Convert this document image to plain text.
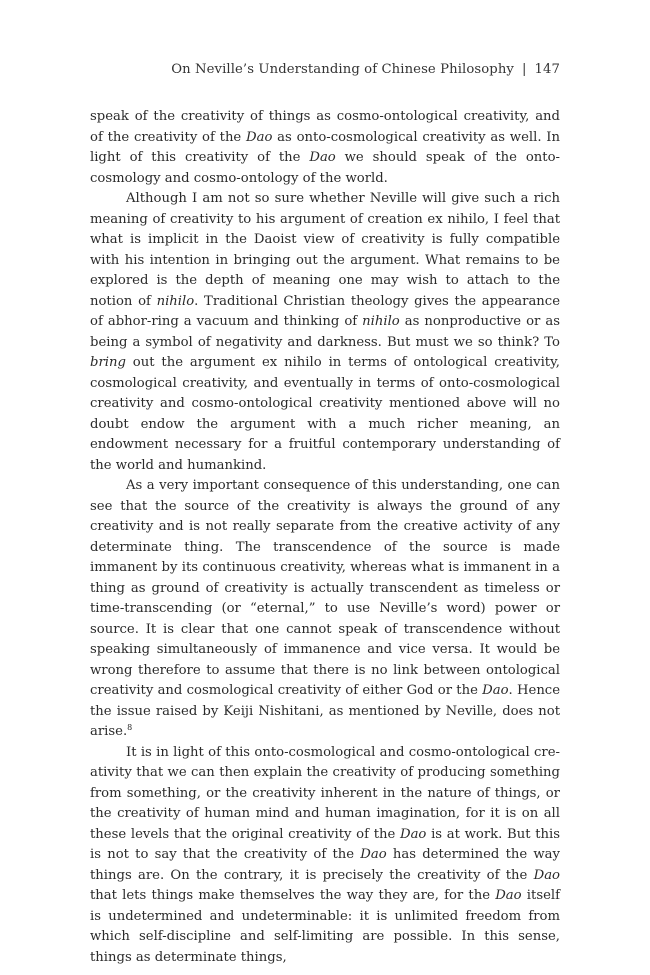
On Neville’s Understanding of Chinese Philosophy | 147

speak of the creativity of things as cosmo-ontological creativity, and of the creativity of the Dao as onto-cosmological creativity as well. In light of this creativity of the Dao we should speak of the onto-cosmology and cosmo-ontology of the world.

Although I am not so sure whether Neville will give such a rich meaning of creativity to his argument of creation ex nihilo, I feel that what is implicit in the Daoist view of creativity is fully compatible with his intention in bringing out the argument. What remains to be explored is the depth of meaning one may wish to attach to the notion of nihilo. Traditional Christian theology gives the appearance of abhor-ring a vacuum and thinking of nihilo as nonproductive or as being a symbol of negativity and darkness. But must we so think? To bring out the argument ex nihilo in terms of ontological creativity, cosmological creativity, and eventually in terms of onto-cosmological creativity and cosmo-ontological creativity mentioned above will no doubt endow the argument with a much richer meaning, an endowment necessary for a fruitful contemporary understanding of the world and humankind.

As a very important consequence of this understanding, one can see that the source of the creativity is always the ground of any creativity and is not really separate from the creative activity of any determinate thing. The transcendence of the source is made immanent by its continuous creativity, whereas what is immanent in a thing as ground of creativity is actually transcendent as timeless or time-transcending (or “eternal,” to use Neville’s word) power or source. It is clear that one cannot speak of transcendence without speaking simultaneously of immanence and vice versa. It would be wrong therefore to assume that there is no link between ontological creativity and cosmological creativity of either God or the Dao. Hence the issue raised by Keiji Nishitani, as mentioned by Neville, does not arise.$^8$

It is in light of this onto-cosmological and cosmo-ontological cre-ativity that we can then explain the creativity of producing something from something, or the creativity inherent in the nature of things, or the creativity of human mind and human imagination, for it is on all these levels that the original creativity of the Dao is at work. But this is not to say that the creativity of the Dao has determined the way things are. On the contrary, it is precisely the creativity of the Dao that lets things make themselves the way they are, for the Dao itself is undetermined and undeterminable: it is unlimited freedom from which self-discipline and self-limiting are possible. In this sense, things as determinate things,
